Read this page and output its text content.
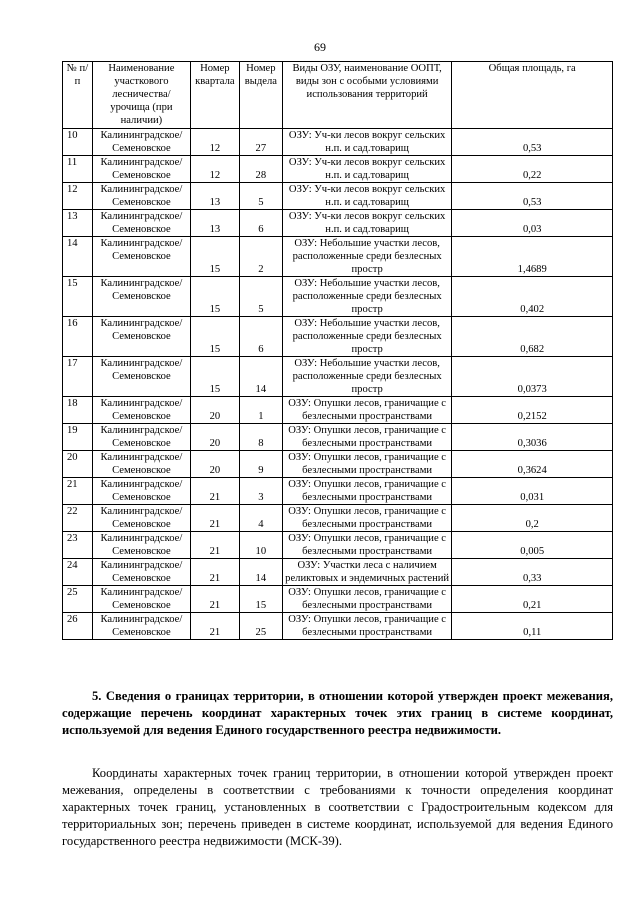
69
№ п/п	Наименование участкового лесничества/урочища (при наличии)	Номер квартала	Номер выдела	Виды ОЗУ, наименование ООПТ, виды зон с особыми условиями использования территорий	Общая площадь, га
10	Калининградское/
Семеновское	12	27	ОЗУ: Уч-ки лесов вокруг сельских н.п. и сад.товарищ	0,53
11	Калининградское/
Семеновское	12	28	ОЗУ: Уч-ки лесов вокруг сельских н.п. и сад.товарищ	0,22
12	Калининградское/
Семеновское	13	5	ОЗУ: Уч-ки лесов вокруг сельских н.п. и сад.товарищ	0,53
13	Калининградское/
Семеновское	13	6	ОЗУ: Уч-ки лесов вокруг сельских н.п. и сад.товарищ	0,03
14	Калининградское/
Семеновское	15	2	ОЗУ: Небольшие участки лесов, расположенные среди безлесных простр	1,4689
15	Калининградское/
Семеновское	15	5	ОЗУ: Небольшие участки лесов, расположенные среди безлесных простр	0,402
16	Калининградское/
Семеновское	15	6	ОЗУ: Небольшие участки лесов, расположенные среди безлесных простр	0,682
17	Калининградское/
Семеновское	15	14	ОЗУ: Небольшие участки лесов, расположенные среди безлесных простр	0,0373
18	Калининградское/
Семеновское	20	1	ОЗУ: Опушки лесов, граничащие с безлесными пространствами	0,2152
19	Калининградское/
Семеновское	20	8	ОЗУ: Опушки лесов, граничащие с безлесными пространствами	0,3036
20	Калининградское/
Семеновское	20	9	ОЗУ: Опушки лесов, граничащие с безлесными пространствами	0,3624
21	Калининградское/
Семеновское	21	3	ОЗУ: Опушки лесов, граничащие с безлесными пространствами	0,031
22	Калининградское/
Семеновское	21	4	ОЗУ: Опушки лесов, граничащие с безлесными пространствами	0,2
23	Калининградское/
Семеновское	21	10	ОЗУ: Опушки лесов, граничащие с безлесными пространствами	0,005
24	Калининградское/
Семеновское	21	14	ОЗУ: Участки леса с наличием реликтовых и эндемичных растений	0,33
25	Калининградское/
Семеновское	21	15	ОЗУ: Опушки лесов, граничащие с безлесными пространствами	0,21
26	Калининградское/
Семеновское	21	25	ОЗУ: Опушки лесов, граничащие с безлесными пространствами	0,11
5. Сведения о границах территории, в отношении которой утвержден проект межевания, содержащие перечень координат характерных точек этих границ в системе координат, используемой для ведения Единого государственного реестра недвижимости.
Координаты характерных точек границ территории, в отношении которой утвержден проект межевания, определены в соответствии с требованиями к точности определения координат характерных точек границ, установленных в соответствии с Градостроительным кодексом для территориальных зон; перечень приведен в системе координат, используемой для ведения Единого государственного реестра недвижимости (МСК-39).
